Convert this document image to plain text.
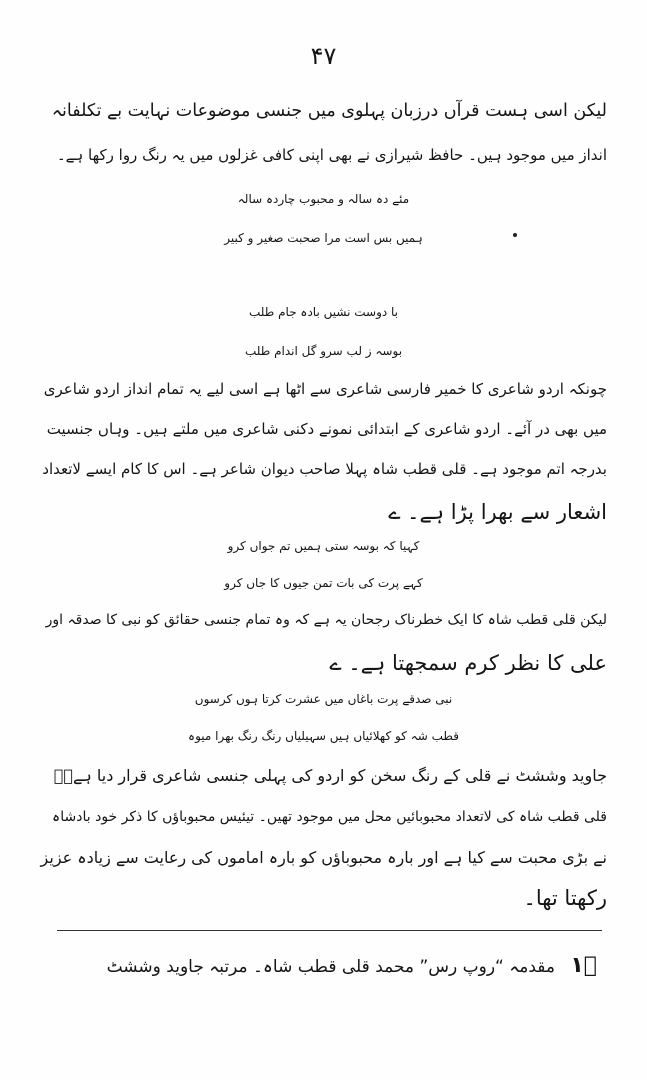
۴۷
لیکن اسی ہست قرآں درزبان پہلوی میں جنسی موضوعات نہایت بے تکلفانہ
انداز میں موجود ہیں۔ حافظ شیرازی نے بھی اپنی کافی غزلوں میں یہ رنگ روا رکھا ہے۔
مئے دہ سالہ و محبوب چاردہ سالہ
ہمیں بس است مرا صحبت صغیر و کبیر
با دوست نشیں بادہ جام طلب
بوسہ ز لب سرو گل اندام طلب
چونکہ اردو شاعری کا خمیر فارسی شاعری سے اٹھا ہے اسی لیے یہ تمام انداز اردو شاعری
میں بھی در آئے۔ اردو شاعری کے ابتدائی نمونے دکنی شاعری میں ملتے ہیں۔ وہاں جنسیت
بدرجہ اتم موجود ہے۔ قلی قطب شاہ پہلا صاحب دیوان شاعر ہے۔ اس کا کام ایسے لاتعداد
اشعار سے بھرا پڑا ہے۔ ے
کہیا کہ بوسہ ستی ہمیں تم جواں کرو
کہے پرت کی بات تمن جیوں کا جاں کرو
لیکن قلی قطب شاہ کا ایک خطرناک رجحان یہ ہے کہ وہ تمام جنسی حقائق کو نبی کا صدقہ اور
علی کا نظر کرم سمجھتا ہے۔ ے
نبی صدقے پرت باغاں میں عشرت کرتا ہوں کرسوں
قطب شہ کو کھلائیاں ہیں سہیلیاں رنگ رنگ بھرا میوہ
جاوید وششٹ نے قلی کے رنگ سخن کو اردو کی پہلی جنسی شاعری قرار دیا ہے۔ؔ
قلی قطب شاہ کی لاتعداد محبوبائیں محل میں موجود تھیں۔ تیئیس محبوباؤں کا ذکر خود بادشاہ
نے بڑی محبت سے کیا ہے اور بارہ محبوباؤں کو بارہ اماموں کی رعایت سے زیادہ عزیز
رکھتا تھا۔
۱ؔ مقدمہ “روپ رس” محمد قلی قطب شاہ۔ مرتبہ جاوید وششٹ
